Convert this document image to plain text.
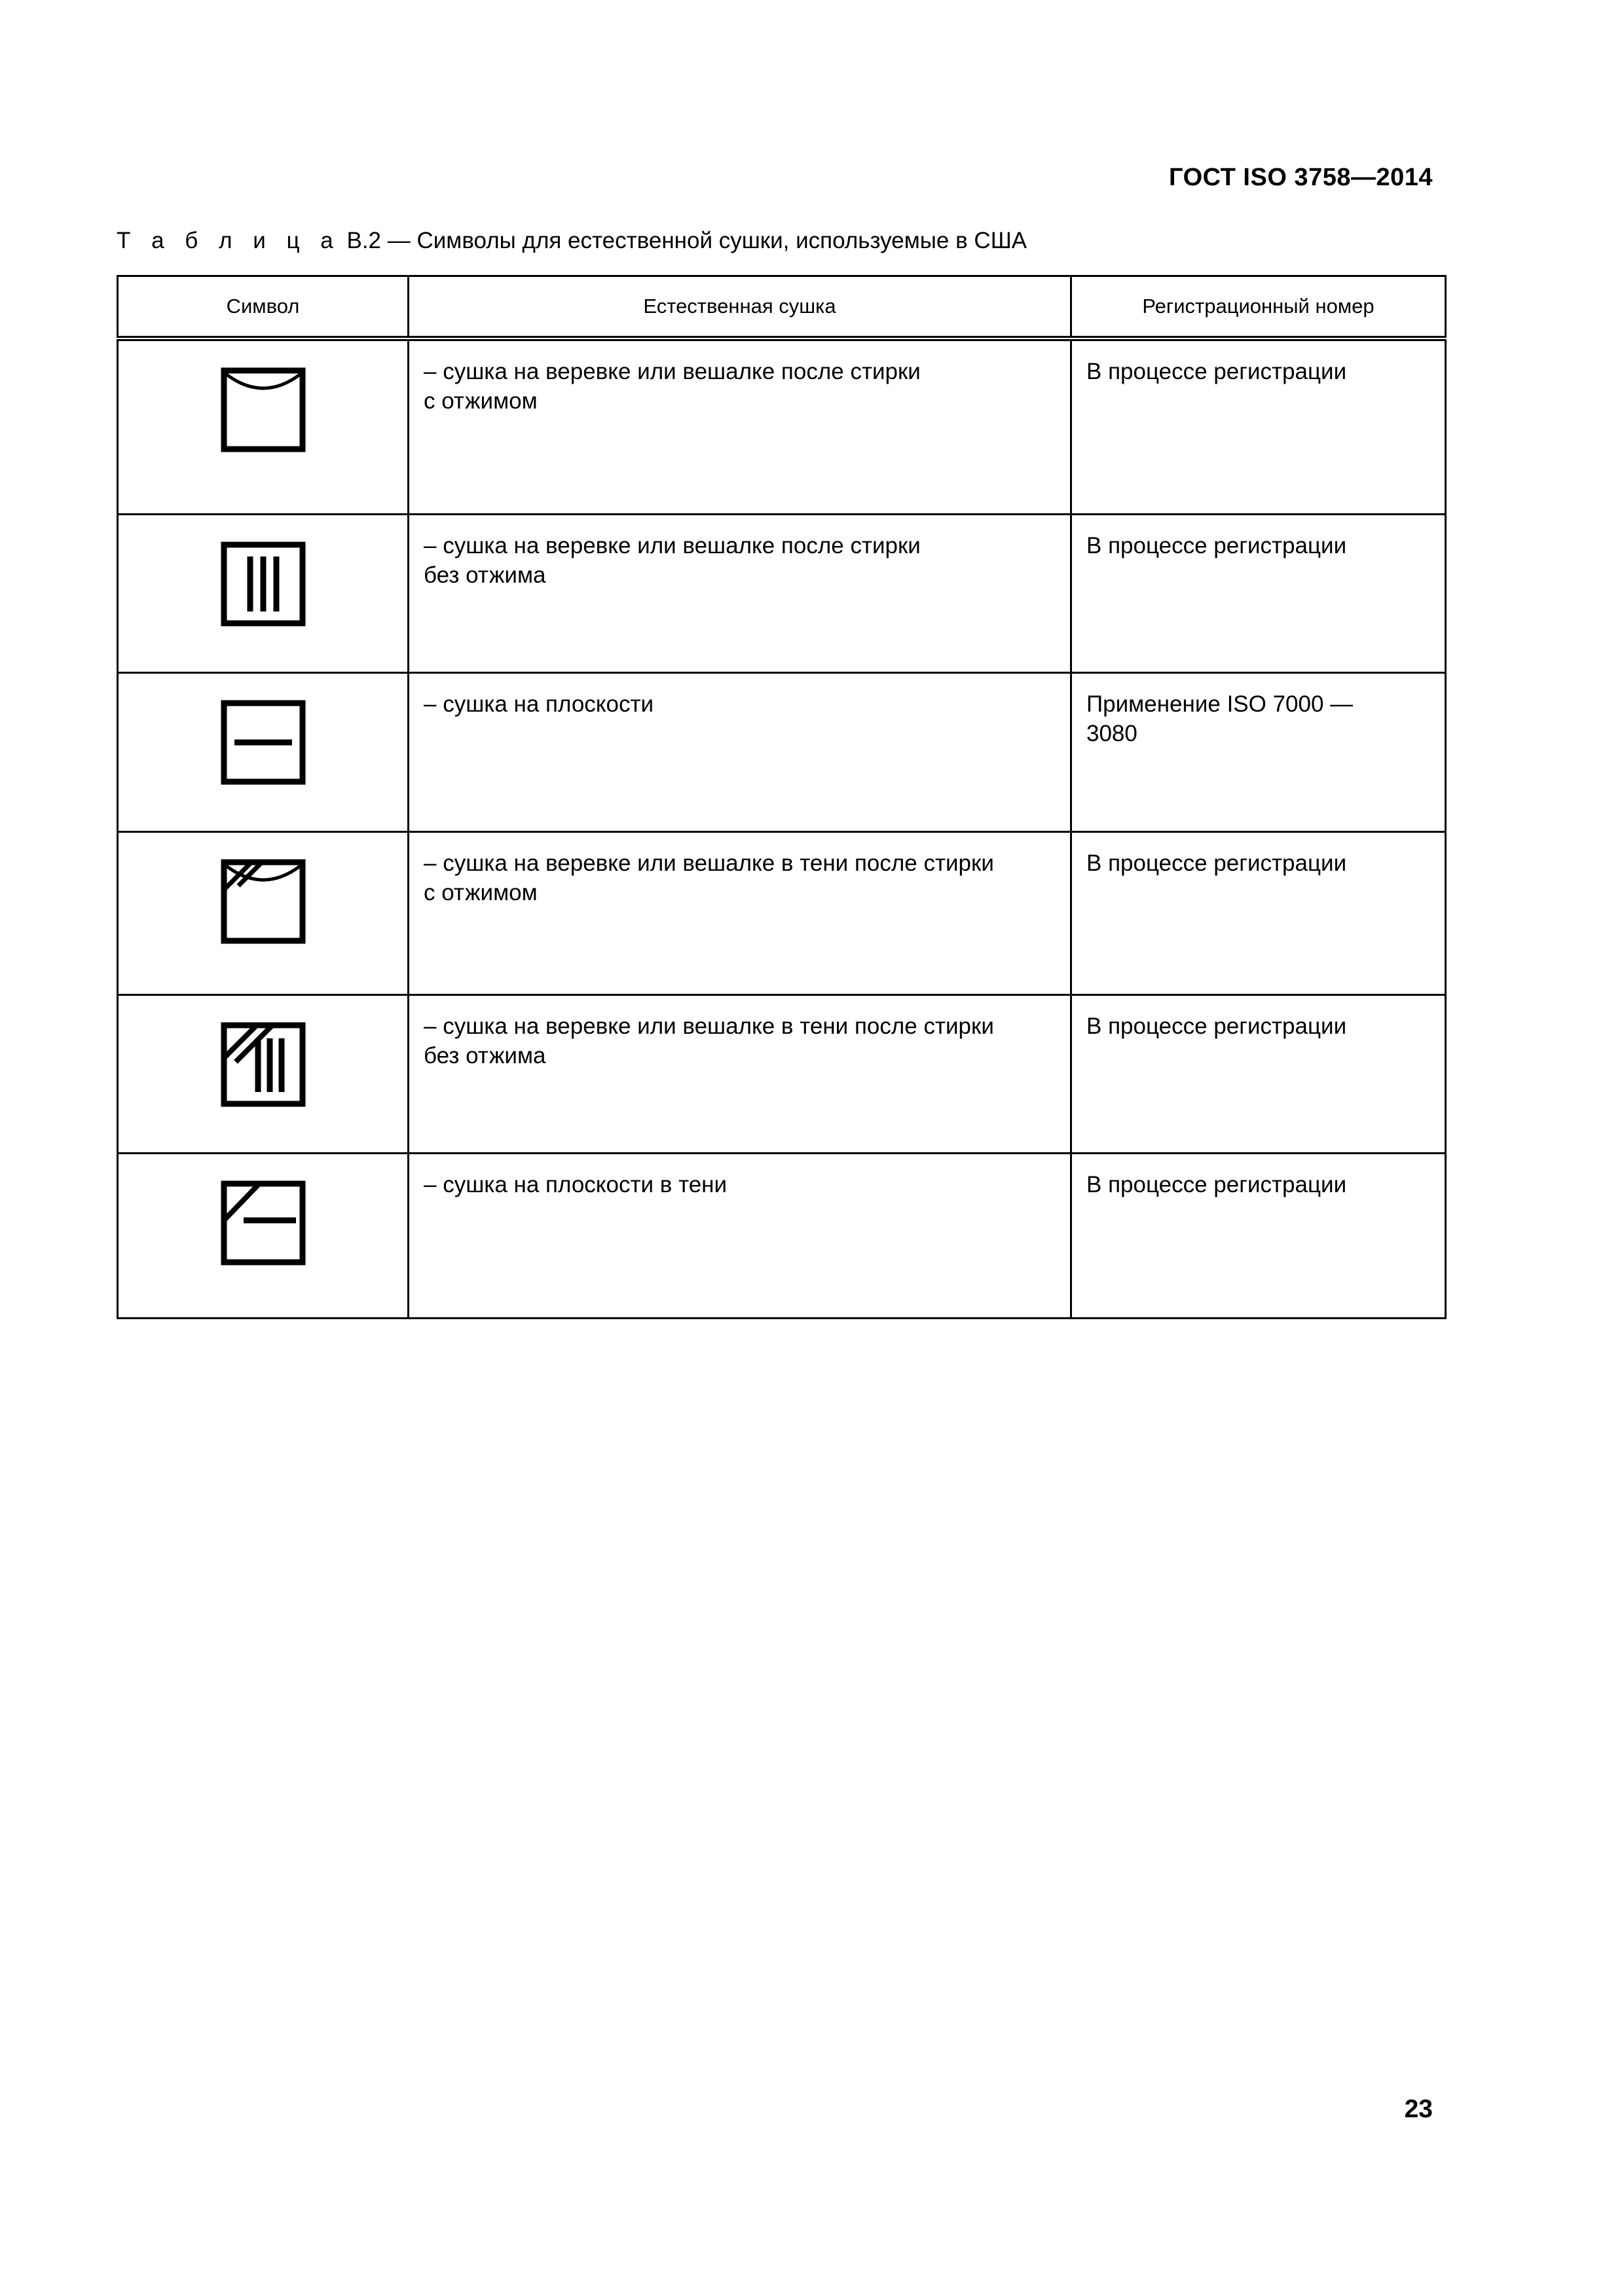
ГОСТ ISO 3758—2014
Т а б л и ц а В.2 — Символы для естественной сушки, используемые в США
Символ	Естественная сушка	Регистрационный номер

– сушка на веревке или вешалке после стирки
с отжимом	В процессе регистрации

– сушка на веревке или вешалке после стирки
без отжима	В процессе регистрации

– сушка на плоскости	Применение ISO 7000 —
3080

– сушка на веревке или вешалке в тени после стирки
с отжимом	В процессе регистрации

– сушка на веревке или вешалке в тени после стирки
без отжима	В процессе регистрации

– сушка на плоскости в тени	В процессе регистрации
23
